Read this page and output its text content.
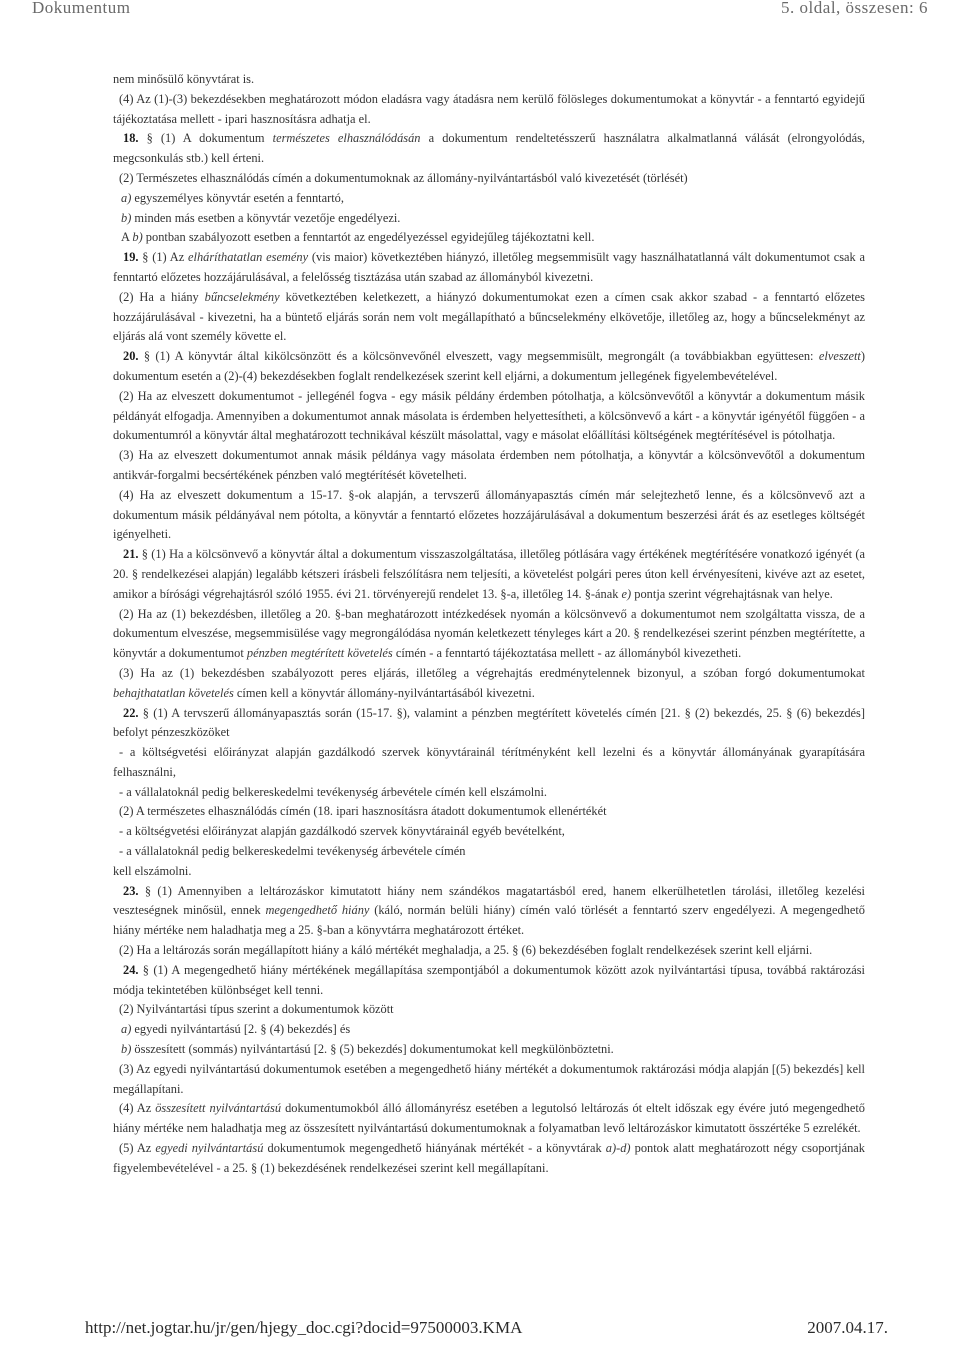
Dokumentum	5. oldal, összesen: 6

nem minősülő könyvtárat is.

(4) Az (1)-(3) bekezdésekben meghatározott módon eladásra vagy átadásra nem kerülő fölösleges dokumentumokat a könyvtár - a fenntartó egyidejű tájékoztatása mellett - ipari hasznosításra adhatja el.

18. § (1) A dokumentum természetes elhasználódásán a dokumentum rendeltetésszerű használatra alkalmatlanná válását (elrongyolódás, megcsonkulás stb.) kell érteni.

(2) Természetes elhasználódás címén a dokumentumoknak az állomány-nyilvántartásból való kivezetését (törlését)

a) egyszemélyes könyvtár esetén a fenntartó,

b) minden más esetben a könyvtár vezetője engedélyezi.

A b) pontban szabályozott esetben a fenntartót az engedélyezéssel egyidejűleg tájékoztatni kell.

19. § (1) Az elháríthatatlan esemény (vis maior) következtében hiányzó, illetőleg megsemmisült vagy használhatatlanná vált dokumentumot csak a fenntartó előzetes hozzájárulásával, a felelősség tisztázása után szabad az állományból kivezetni.

(2) Ha a hiány bűncselekmény következtében keletkezett, a hiányzó dokumentumokat ezen a címen csak akkor szabad - a fenntartó előzetes hozzájárulásával - kivezetni, ha a büntető eljárás során nem volt megállapítható a bűncselekmény elkövetője, illetőleg az, hogy a bűncselekményt az eljárás alá vont személy követte el.

20. § (1) A könyvtár által kikölcsönzött és a kölcsönvevőnél elveszett, vagy megsemmisült, megrongált (a továbbiakban együttesen: elveszett) dokumentum esetén a (2)-(4) bekezdésekben foglalt rendelkezések szerint kell eljárni, a dokumentum jellegének figyelembevételével.

(2) Ha az elveszett dokumentumot - jellegénél fogva - egy másik példány érdemben pótolhatja, a kölcsönvevőtől a könyvtár a dokumentum másik példányát elfogadja. Amennyiben a dokumentumot annak másolata is érdemben helyettesítheti, a kölcsönvevő a kárt - a könyvtár igényétől függően - a dokumentumról a könyvtár által meghatározott technikával készült másolattal, vagy e másolat előállítási költségének megtérítésével is pótolhatja.

(3) Ha az elveszett dokumentumot annak másik példánya vagy másolata érdemben nem pótolhatja, a könyvtár a kölcsönvevőtől a dokumentum antikvár-forgalmi becsértékének pénzben való megtérítését követelheti.

(4) Ha az elveszett dokumentum a 15-17. §-ok alapján, a tervszerű állományapasztás címén már selejtezhető lenne, és a kölcsönvevő azt a dokumentum másik példányával nem pótolta, a könyvtár a fenntartó előzetes hozzájárulásával a dokumentum beszerzési árát és az esetleges költségét igényelheti.

21. § (1) Ha a kölcsönvevő a könyvtár által a dokumentum visszaszolgáltatása, illetőleg pótlására vagy értékének megtérítésére vonatkozó igényét (a 20. § rendelkezései alapján) legalább kétszeri írásbeli felszólításra nem teljesíti, a követelést polgári peres úton kell érvényesíteni, kivéve azt az esetet, amikor a bírósági végrehajtásról szóló 1955. évi 21. törvényerejű rendelet 13. §-a, illetőleg 14. §-ának e) pontja szerint végrehajtásnak van helye.

(2) Ha az (1) bekezdésben, illetőleg a 20. §-ban meghatározott intézkedések nyomán a kölcsönvevő a dokumentumot nem szolgáltatta vissza, de a dokumentum elveszése, megsemmisülése vagy megrongálódása nyomán keletkezett tényleges kárt a 20. § rendelkezései szerint pénzben megtérítette, a könyvtár a dokumentumot pénzben megtérített követelés címén - a fenntartó tájékoztatása mellett - az állományból kivezetheti.

(3) Ha az (1) bekezdésben szabályozott peres eljárás, illetőleg a végrehajtás eredménytelennek bizonyul, a szóban forgó dokumentumokat behajthatatlan követelés címen kell a könyvtár állomány-nyilvántartásából kivezetni.

22. § (1) A tervszerű állományapasztás során (15-17. §), valamint a pénzben megtérített követelés címén [21. § (2) bekezdés, 25. § (6) bekezdés] befolyt pénzeszközöket

- a költségvetési előirányzat alapján gazdálkodó szervek könyvtárainál térítményként kell lezelni és a könyvtár állományának gyarapítására felhasználni,

- a vállalatoknál pedig belkereskedelmi tevékenység árbevétele címén kell elszámolni.

(2) A természetes elhasználódás címén (18. ipari hasznosításra átadott dokumentumok ellenértékét

- a költségvetési előirányzat alapján gazdálkodó szervek könyvtárainál egyéb bevételként,

- a vállalatoknál pedig belkereskedelmi tevékenység árbevétele címén

kell elszámolni.

23. § (1) Amennyiben a leltározáskor kimutatott hiány nem szándékos magatartásból ered, hanem elkerülhetetlen tárolási, illetőleg kezelési veszteségnek minősül, ennek megengedhető hiány (káló, normán belüli hiány) címén való törlését a fenntartó szerv engedélyezi. A megengedhető hiány mértéke nem haladhatja meg a 25. §-ban a könyvtárra meghatározott értéket.

(2) Ha a leltározás során megállapított hiány a káló mértékét meghaladja, a 25. § (6) bekezdésében foglalt rendelkezések szerint kell eljárni.

24. § (1) A megengedhető hiány mértékének megállapítása szempontjából a dokumentumok között azok nyilvántartási típusa, továbbá raktározási módja tekintetében különbséget kell tenni.

(2) Nyilvántartási típus szerint a dokumentumok között

a) egyedi nyilvántartású [2. § (4) bekezdés] és

b) összesített (sommás) nyilvántartású [2. § (5) bekezdés] dokumentumokat kell megkülönböztetni.

(3) Az egyedi nyilvántartású dokumentumok esetében a megengedhető hiány mértékét a dokumentumok raktározási módja alapján [(5) bekezdés] kell megállapítani.

(4) Az összesített nyilvántartású dokumentumokból álló állományrész esetében a legutolsó leltározás ót eltelt időszak egy évére jutó megengedhető hiány mértéke nem haladhatja meg az összesített nyilvántartású dokumentumoknak a folyamatban levő leltározáskor kimutatott összértéke 5 ezrelékét.

(5) Az egyedi nyilvántartású dokumentumok megengedhető hiányának mértékét - a könyvtárak a)-d) pontok alatt meghatározott négy csoportjának figyelembevételével - a 25. § (1) bekezdésének rendelkezései szerint kell megállapítani.

http://net.jogtar.hu/jr/gen/hjegy_doc.cgi?docid=97500003.KMA	2007.04.17.
